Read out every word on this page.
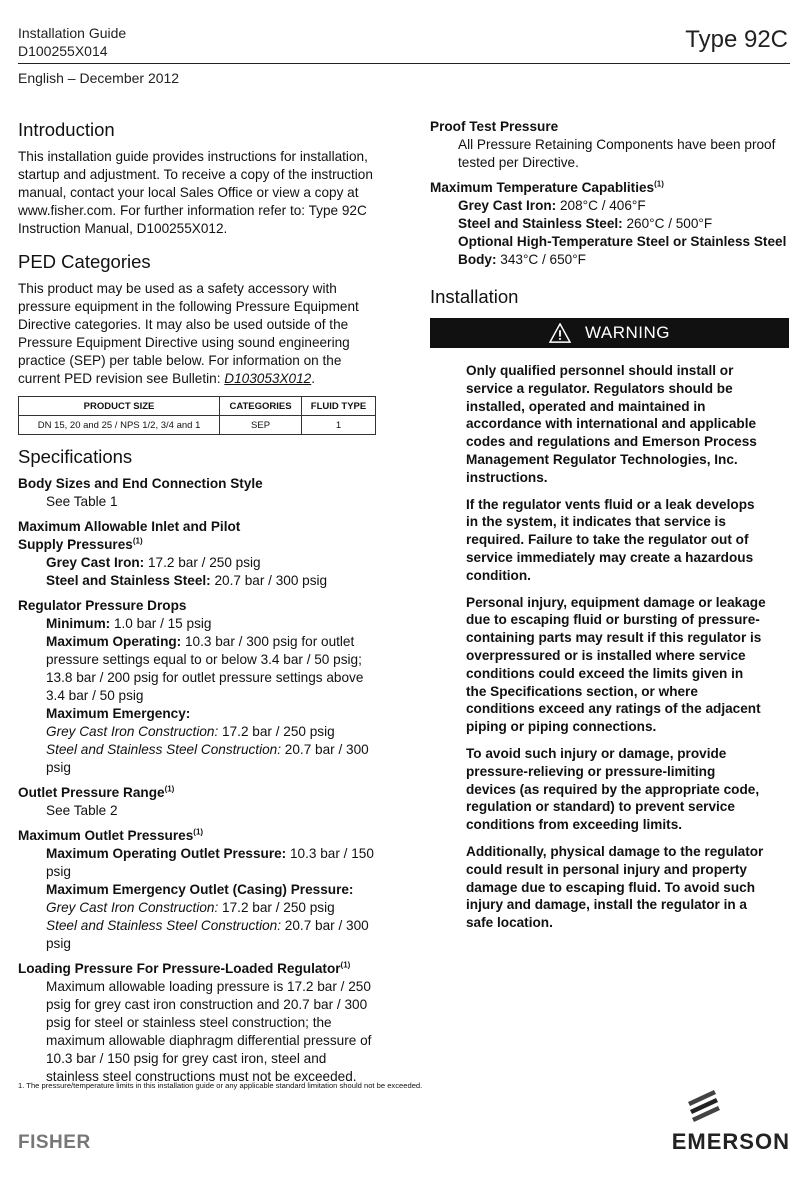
Installation Guide
D100255X014	Type 92C
English – December 2012
Introduction

This installation guide provides instructions for installation, startup and adjustment. To receive a copy of the instruction manual, contact your local Sales Office or view a copy at www.fisher.com. For further information refer to: Type 92C Instruction Manual, D100255X012.

PED Categories

This product may be used as a safety accessory with pressure equipment in the following Pressure Equipment Directive categories. It may also be used outside of the Pressure Equipment Directive using sound engineering practice (SEP) per table below. For information on the current PED revision see Bulletin: D103053X012.

PRODUCT SIZE	CATEGORIES	FLUID TYPE
DN 15, 20 and 25 / NPS 1/2, 3/4 and 1	SEP	1
Specifications

Body Sizes and End Connection Style

See Table 1

Maximum Allowable Inlet and Pilot

Supply Pressures$^{(1)}$

Grey Cast Iron: 17.2 bar / 250 psig

Steel and Stainless Steel: 20.7 bar / 300 psig

Regulator Pressure Drops

Minimum: 1.0 bar / 15 psig

Maximum Operating: 10.3 bar / 300 psig for outlet pressure settings equal to or below 3.4 bar / 50 psig; 13.8 bar / 200 psig for outlet pressure settings above 3.4 bar / 50 psig

Maximum Emergency:

Grey Cast Iron Construction: 17.2 bar / 250 psig

Steel and Stainless Steel Construction: 20.7 bar / 300 psig

Outlet Pressure Range$^{(1)}$

See Table 2

Maximum Outlet Pressures$^{(1)}$

Maximum Operating Outlet Pressure: 10.3 bar / 150 psig

Maximum Emergency Outlet (Casing) Pressure:

Grey Cast Iron Construction: 17.2 bar / 250 psig

Steel and Stainless Steel Construction: 20.7 bar / 300 psig

Loading Pressure For Pressure-Loaded Regulator$^{(1)}$

Maximum allowable loading pressure is 17.2 bar / 250 psig for grey cast iron construction and 20.7 bar / 300 psig for steel or stainless steel construction; the maximum allowable diaphragm differential pressure of 10.3 bar / 150 psig for grey cast iron, steel and stainless steel constructions must not be exceeded.

Proof Test Pressure

All Pressure Retaining Components have been proof tested per Directive.

Maximum Temperature Capablities$^{(1)}$

Grey Cast Iron: 208°C / 406°F

Steel and Stainless Steel: 260°C / 500°F

Optional High-Temperature Steel or Stainless Steel Body: 343°C / 650°F

Installation
WARNING

Only qualified personnel should install or service a regulator. Regulators should be installed, operated and maintained in accordance with international and applicable codes and regulations and Emerson Process Management Regulator Technologies, Inc. instructions.

If the regulator vents fluid or a leak develops in the system, it indicates that service is required. Failure to take the regulator out of service immediately may create a hazardous condition.

Personal injury, equipment damage or leakage due to escaping fluid or bursting of pressure-containing parts may result if this regulator is overpressured or is installed where service conditions could exceed the limits given in the Specifications section, or where conditions exceed any ratings of the adjacent piping or piping connections.

To avoid such injury or damage, provide pressure-relieving or pressure-limiting devices (as required by the appropriate code, regulation or standard) to prevent service conditions from exceeding limits.

Additionally, physical damage to the regulator could result in personal injury and property damage due to escaping fluid. To avoid such injury and damage, install the regulator in a safe location.

1. The pressure/temperature limits in this installation guide or any applicable standard limitation should not be exceeded.
FISHER	EMERSON
